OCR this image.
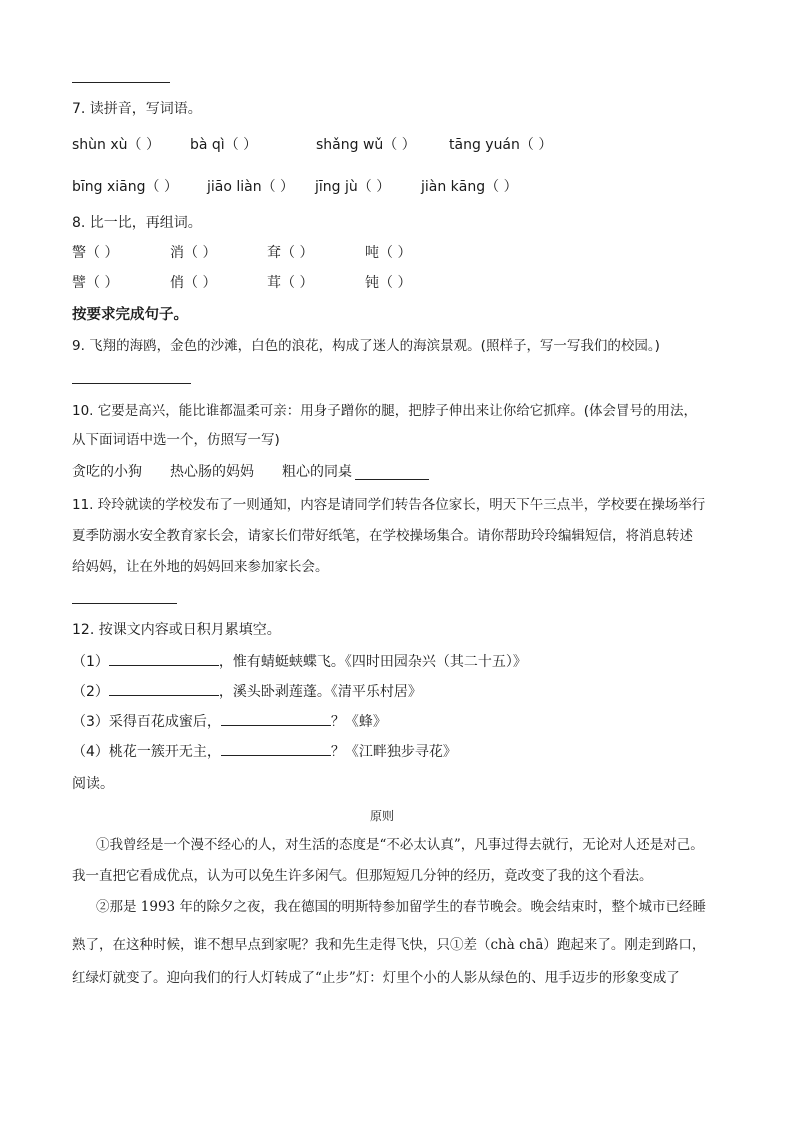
7. 读拼音，写词语。
shùn xù（ ） bà qì（ ）	shǎng wǔ（ ） tāng yuán（ ）
bīng xiāng（ ） jiāo liàn（ ） jīng jù（ ） jiàn kāng（ ）
8. 比一比，再组词。
警（ ）	消（ ）	耷（ ）	吨（ ）
譬（ ）	俏（ ）	茸（ ）	钝（ ）
按要求完成句子。
9. 飞翔的海鸥，金色的沙滩，白色的浪花，构成了迷人的海滨景观。(照样子，写一写我们的校园。)
10. 它要是高兴，能比谁都温柔可亲：用身子蹭你的腿，把脖子伸出来让你给它抓痒。(体会冒号的用法，
从下面词语中选一个，仿照写一写)
贪吃的小狗 热心肠的妈妈 粗心的同桌
11. 玲玲就读的学校发布了一则通知，内容是请同学们转告各位家长，明天下午三点半，学校要在操场举行
夏季防溺水安全教育家长会，请家长们带好纸笔，在学校操场集合。请你帮助玲玲编辑短信，将消息转述
给妈妈，让在外地的妈妈回来参加家长会。
12. 按课文内容或日积月累填空。
（1）	，惟有蜻蜓蛱蝶飞。《四时田园杂兴（其二十五）》
（2）	，溪头卧剥莲蓬。《清平乐村居》
（3）采得百花成蜜后，	？《蜂》
（4）桃花一簇开无主，	？《江畔独步寻花》
阅读。
原则
①我曾经是一个漫不经心的人，对生活的态度是“不必太认真”，凡事过得去就行，无论对人还是对己。
我一直把它看成优点，认为可以免生许多闲气。但那短短几分钟的经历，竟改变了我的这个看法。
②那是 1993 年的除夕之夜，我在德国的明斯特参加留学生的春节晚会。晚会结束时，整个城市已经睡
熟了，在这种时候，谁不想早点到家呢？我和先生走得飞快，只①差（chà chā）跑起来了。刚走到路口，
红绿灯就变了。迎向我们的行人灯转成了“止步”灯：灯里个小的人影从绿色的、甩手迈步的形象变成了
